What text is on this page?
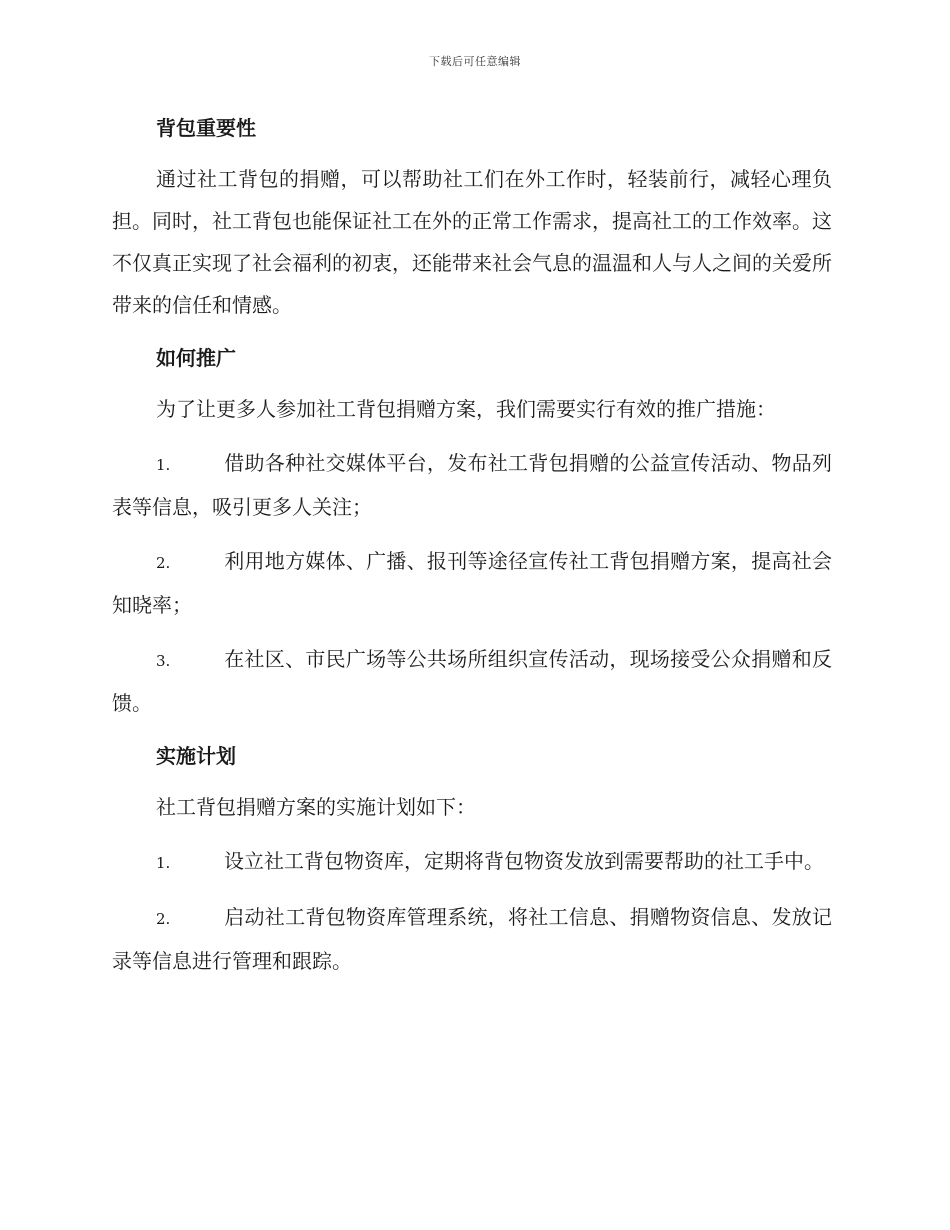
下载后可任意编辑
背包重要性

通过社工背包的捐赠，可以帮助社工们在外工作时，轻装前行，减轻心理负担。同时，社工背包也能保证社工在外的正常工作需求，提高社工的工作效率。这不仅真正实现了社会福利的初衷，还能带来社会气息的温温和人与人之间的关爱所带来的信任和情感。

如何推广

为了让更多人参加社工背包捐赠方案，我们需要实行有效的推广措施：

1.	借助各种社交媒体平台，发布社工背包捐赠的公益宣传活动、物品列表等信息，吸引更多人关注；

2.	利用地方媒体、广播、报刊等途径宣传社工背包捐赠方案，提高社会知晓率；

3.	在社区、市民广场等公共场所组织宣传活动，现场接受公众捐赠和反馈。

实施计划

社工背包捐赠方案的实施计划如下：

1.	设立社工背包物资库，定期将背包物资发放到需要帮助的社工手中。

2.	启动社工背包物资库管理系统，将社工信息、捐赠物资信息、发放记录等信息进行管理和跟踪。
